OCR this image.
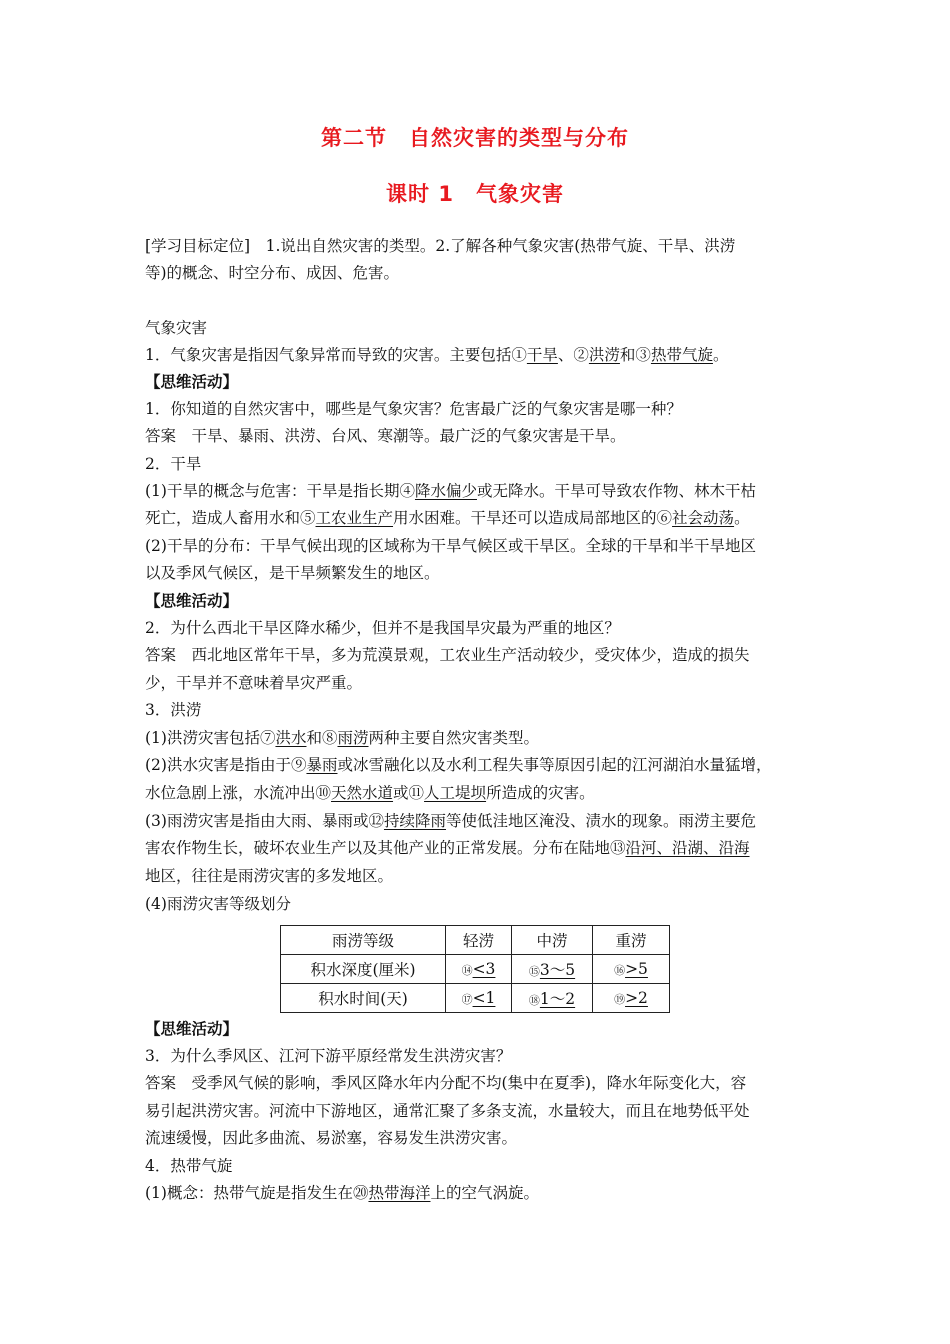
第二节　自然灾害的类型与分布
课时 1　气象灾害
[学习目标定位]　1.说出自然灾害的类型。2.了解各种气象灾害(热带气旋、干旱、洪涝
等)的概念、时空分布、成因、危害。
气象灾害
1．气象灾害是指因气象异常而导致的灾害。主要包括①干旱、②洪涝和③热带气旋。
【思维活动】
1．你知道的自然灾害中，哪些是气象灾害？危害最广泛的气象灾害是哪一种？
答案　干旱、暴雨、洪涝、台风、寒潮等。最广泛的气象灾害是干旱。
2．干旱
(1)干旱的概念与危害：干旱是指长期④降水偏少或无降水。干旱可导致农作物、林木干枯
死亡，造成人畜用水和⑤工农业生产用水困难。干旱还可以造成局部地区的⑥社会动荡。
(2)干旱的分布：干旱气候出现的区域称为干旱气候区或干旱区。全球的干旱和半干旱地区
以及季风气候区，是干旱频繁发生的地区。
【思维活动】
2．为什么西北干旱区降水稀少，但并不是我国旱灾最为严重的地区？
答案　西北地区常年干旱，多为荒漠景观，工农业生产活动较少，受灾体少，造成的损失
少，干旱并不意味着旱灾严重。
3．洪涝
(1)洪涝灾害包括⑦洪水和⑧雨涝两种主要自然灾害类型。
(2)洪水灾害是指由于⑨暴雨或冰雪融化以及水利工程失事等原因引起的江河湖泊水量猛增，
水位急剧上涨，水流冲出⑩天然水道或⑪人工堤坝所造成的灾害。
(3)雨涝灾害是指由大雨、暴雨或⑫持续降雨等使低洼地区淹没、渍水的现象。雨涝主要危
害农作物生长，破坏农业生产以及其他产业的正常发展。分布在陆地⑬沿河、沿湖、沿海
地区，往往是雨涝灾害的多发地区。
(4)雨涝灾害等级划分
雨涝等级	轻涝	中涝	重涝
积水深度(厘米)	⑭<3	⑮3～5	⑯>5
积水时间(天)	⑰<1	⑱1～2	⑲>2
【思维活动】
3．为什么季风区、江河下游平原经常发生洪涝灾害？
答案　受季风气候的影响，季风区降水年内分配不均(集中在夏季)，降水年际变化大，容
易引起洪涝灾害。河流中下游地区，通常汇聚了多条支流，水量较大，而且在地势低平处
流速缓慢，因此多曲流、易淤塞，容易发生洪涝灾害。
4．热带气旋
(1)概念：热带气旋是指发生在⑳热带海洋上的空气涡旋。
